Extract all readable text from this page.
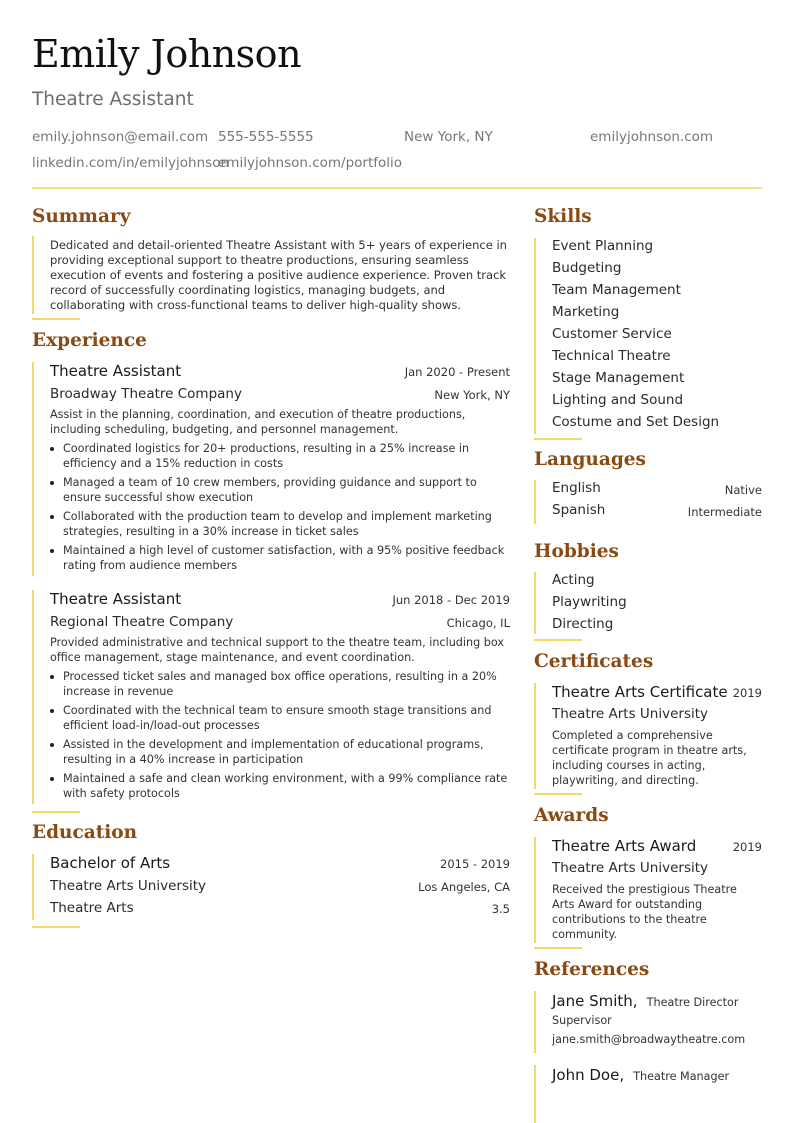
Emily Johnson
Theatre Assistant
emily.johnson@email.com 555-555-5555	New York, NY	emilyjohnson.com
linkedin.com/in/emilyjohnson
emilyjohnson.com/portfolio
Summary
Dedicated and detail-oriented Theatre Assistant with 5+ years of experience in providing exceptional support to theatre productions, ensuring seamless execution of events and fostering a positive audience experience. Proven track record of successfully coordinating logistics, managing budgets, and collaborating with cross-functional teams to deliver high-quality shows.
Experience
Theatre Assistant	Jan 2020 - Present
Broadway Theatre Company	New York, NY
Assist in the planning, coordination, and execution of theatre productions, including scheduling, budgeting, and personnel management.
Coordinated logistics for 20+ productions, resulting in a 25% increase in efficiency and a 15% reduction in costs
Managed a team of 10 crew members, providing guidance and support to ensure successful show execution
Collaborated with the production team to develop and implement marketing strategies, resulting in a 30% increase in ticket sales
Maintained a high level of customer satisfaction, with a 95% positive feedback rating from audience members
Theatre Assistant	Jun 2018 - Dec 2019
Regional Theatre Company	Chicago, IL
Provided administrative and technical support to the theatre team, including box office management, stage maintenance, and event coordination.
Processed ticket sales and managed box office operations, resulting in a 20% increase in revenue
Coordinated with the technical team to ensure smooth stage transitions and efficient load-in/load-out processes
Assisted in the development and implementation of educational programs, resulting in a 40% increase in participation
Maintained a safe and clean working environment, with a 99% compliance rate with safety protocols
Education
Bachelor of Arts	2015 - 2019
Theatre Arts University	Los Angeles, CA
Theatre Arts	3.5
Skills
Event Planning
Budgeting
Team Management
Marketing
Customer Service
Technical Theatre
Stage Management
Lighting and Sound
Costume and Set Design
Languages
English	Native
Spanish	Intermediate
Hobbies
Acting
Playwriting
Directing
Certificates
Theatre Arts Certificate 2019
Theatre Arts University
Completed a comprehensive certificate program in theatre arts, including courses in acting, playwriting, and directing.
Awards
Theatre Arts Award	2019
Theatre Arts University
Received the prestigious Theatre Arts Award for outstanding contributions to the theatre community.
References
Jane Smith, Theatre Director
Supervisor
jane.smith@broadwaytheatre.com
John Doe, Theatre Manager
